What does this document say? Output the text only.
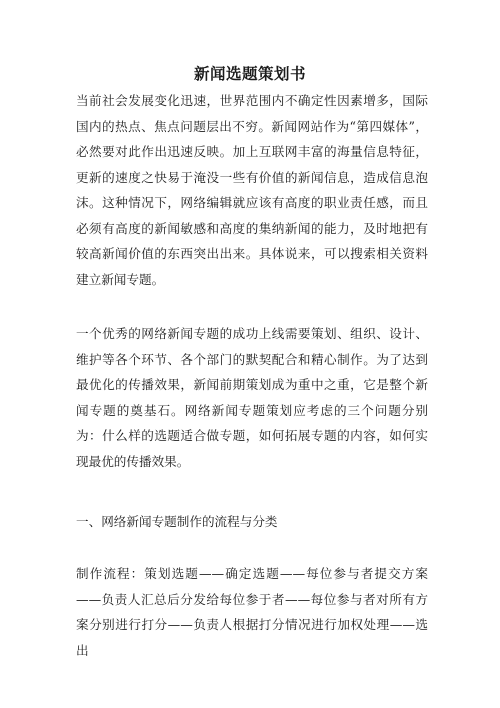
新闻选题策划书

当前社会发展变化迅速，世界范围内不确定性因素增多，国际国内的热点、焦点问题层出不穷。新闻网站作为“第四媒体”，必然要对此作出迅速反映。加上互联网丰富的海量信息特征，更新的速度之快易于淹没一些有价值的新闻信息，造成信息泡沫。这种情况下，网络编辑就应该有高度的职业责任感，而且必须有高度的新闻敏感和高度的集纳新闻的能力，及时地把有较高新闻价值的东西突出出来。具体说来，可以搜索相关资料建立新闻专题。

一个优秀的网络新闻专题的成功上线需要策划、组织、设计、维护等各个环节、各个部门的默契配合和精心制作。为了达到最优化的传播效果，新闻前期策划成为重中之重，它是整个新闻专题的奠基石。网络新闻专题策划应考虑的三个问题分别为：什么样的选题适合做专题，如何拓展专题的内容，如何实现最优的传播效果。

一、网络新闻专题制作的流程与分类

制作流程：策划选题——确定选题——每位参与者提交方案——负责人汇总后分发给每位参于者——每位参与者对所有方案分别进行打分——负责人根据打分情况进行加权处理——选出
